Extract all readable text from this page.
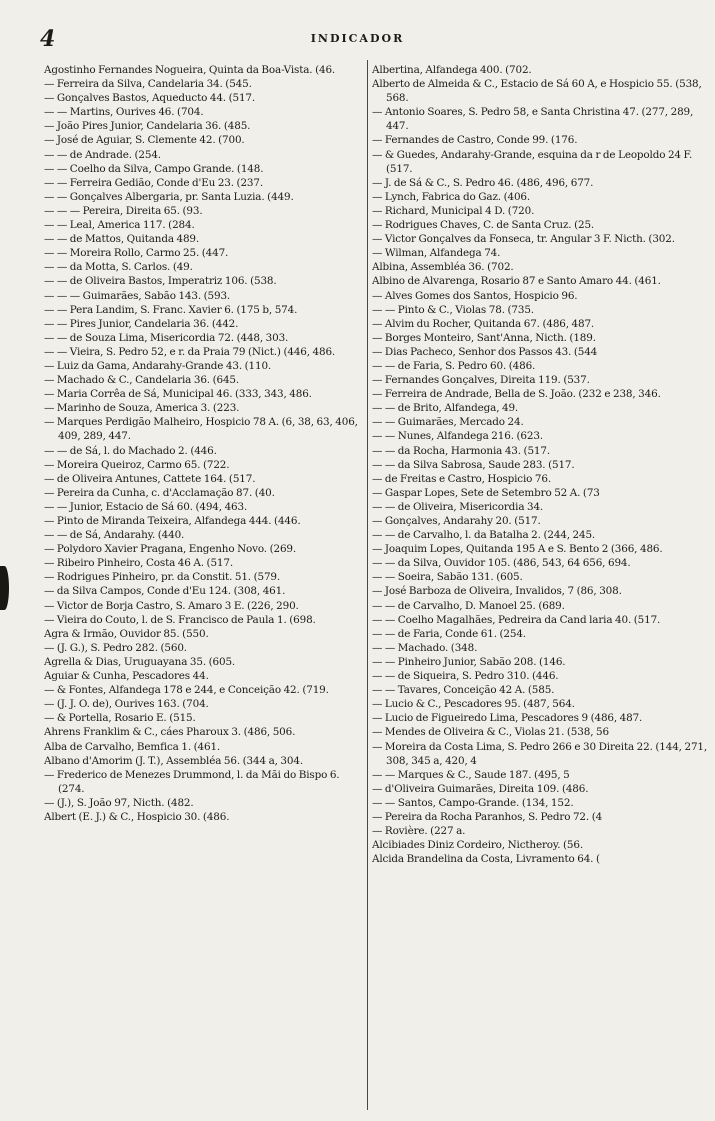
4	INDICADOR
Agostinho Fernandes Nogueira, Quinta da Boa-Vista. (46.
— Ferreira da Silva, Candelaria 34. (545.
— Gonçalves Bastos, Aqueducto 44. (517.
— — Martins, Ourives 46. (704.
— João Pires Junior, Candelaria 36. (485.
— José de Aguiar, S. Clemente 42. (700.
— — de Andrade. (254.
— — Coelho da Silva, Campo Grande. (148.
— — Ferreira Gedião, Conde d'Eu 23. (237.
— — Gonçalves Albergaria, pr. Santa Luzia. (449.
— — — Pereira, Direita 65. (93.
— — Leal, America 117. (284.
— — de Mattos, Quitanda 489.
— — Moreira Rollo, Carmo 25. (447.
— — da Motta, S. Carlos. (49.
— — de Oliveira Bastos, Imperatriz 106. (538.
— — — Guimarães, Sabão 143. (593.
— — Pera Landim, S. Franc. Xavier 6. (175 b, 574.
— — Pires Junior, Candelaria 36. (442.
— — de Souza Lima, Misericordia 72. (448, 303.
— — Vieira, S. Pedro 52, e r. da Praia 79 (Nict.) (446, 486.
— Luiz da Gama, Andarahy-Grande 43. (110.
— Machado & C., Candelaria 36. (645.
— Maria Corrêa de Sá, Municipal 46. (333, 343, 486.
— Marinho de Souza, America 3. (223.
— Marques Perdigão Malheiro, Hospicio 78 A. (6, 38, 63, 406, 409, 289, 447.
— — de Sá, l. do Machado 2. (446.
— Moreira Queiroz, Carmo 65. (722.
— de Oliveira Antunes, Cattete 164. (517.
— Pereira da Cunha, c. d'Acclamação 87. (40.
— — Junior, Estacio de Sá 60. (494, 463.
— Pinto de Miranda Teixeira, Alfandega 444. (446.
— — de Sá, Andarahy. (440.
— Polydoro Xavier Pragana, Engenho Novo. (269.
— Ribeiro Pinheiro, Costa 46 A. (517.
— Rodrigues Pinheiro, pr. da Constit. 51. (579.
— da Silva Campos, Conde d'Eu 124. (308, 461.
— Victor de Borja Castro, S. Amaro 3 E. (226, 290.
— Vieira do Couto, l. de S. Francisco de Paula 1. (698.
Agra & Irmão, Ouvidor 85. (550.
— (J. G.), S. Pedro 282. (560.
Agrella & Dias, Uruguayana 35. (605.
Aguiar & Cunha, Pescadores 44.
— & Fontes, Alfandega 178 e 244, e Conceição 42. (719.
— (J. J. O. de), Ourives 163. (704.
— & Portella, Rosario E. (515.
Ahrens Franklim & C., cáes Pharoux 3. (486, 506.
Alba de Carvalho, Bemfica 1. (461.
Albano d'Amorim (J. T.), Assembléa 56. (344 a, 304.
— Frederico de Menezes Drummond, l. da Mãi do Bispo 6. (274.
— (J.), S. João 97, Nicth. (482.
Albert (E. J.) & C., Hospicio 30. (486.
Albertina, Alfandega 400. (702.
Alberto de Almeida & C., Estacio de Sá 60 A, e Hospicio 55. (538, 568.
— Antonio Soares, S. Pedro 58, e Santa Christina 47. (277, 289, 447.
— Fernandes de Castro, Conde 99. (176.
— & Guedes, Andarahy-Grande, esquina da r de Leopoldo 24 F. (517.
— J. de Sá & C., S. Pedro 46. (486, 496, 677.
— Lynch, Fabrica do Gaz. (406.
— Richard, Municipal 4 D. (720.
— Rodrigues Chaves, C. de Santa Cruz. (25.
— Victor Gonçalves da Fonseca, tr. Angular 3 F. Nicth. (302.
— Wilman, Alfandega 74.
Albina, Assembléa 36. (702.
Albino de Alvarenga, Rosario 87 e Santo Amaro 44. (461.
— Alves Gomes dos Santos, Hospicio 96.
— — Pinto & C., Violas 78. (735.
— Alvim du Rocher, Quitanda 67. (486, 487.
— Borges Monteiro, Sant'Anna, Nicth. (189.
— Dias Pacheco, Senhor dos Passos 43. (544
— — de Faria, S. Pedro 60. (486.
— Fernandes Gonçalves, Direita 119. (537.
— Ferreira de Andrade, Bella de S. João. (232 e 238, 346.
— — de Brito, Alfandega, 49.
— — Guimarães, Mercado 24.
— — Nunes, Alfandega 216. (623.
— — da Rocha, Harmonia 43. (517.
— — da Silva Sabrosa, Saude 283. (517.
— de Freitas e Castro, Hospicio 76.
— Gaspar Lopes, Sete de Setembro 52 A. (73
— — de Oliveira, Misericordia 34.
— Gonçalves, Andarahy 20. (517.
— — de Carvalho, l. da Batalha 2. (244, 245.
— Joaquim Lopes, Quitanda 195 A e S. Bento 2 (366, 486.
— — da Silva, Ouvidor 105. (486, 543, 64 656, 694.
— — Soeira, Sabão 131. (605.
— José Barboza de Oliveira, Invalidos, 7 (86, 308.
— — de Carvalho, D. Manoel 25. (689.
— — Coelho Magalhães, Pedreira da Cand laria 40. (517.
— — de Faria, Conde 61. (254.
— — Machado. (348.
— — Pinheiro Junior, Sabão 208. (146.
— — de Siqueira, S. Pedro 310. (446.
— — Tavares, Conceição 42 A. (585.
— Lucio & C., Pescadores 95. (487, 564.
— Lucio de Figueiredo Lima, Pescadores 9 (486, 487.
— Mendes de Oliveira & C., Violas 21. (538, 56
— Moreira da Costa Lima, S. Pedro 266 e 30 Direita 22. (144, 271, 308, 345 a, 420, 4
— — Marques & C., Saude 187. (495, 5
— d'Oliveira Guimarães, Direita 109. (486.
— — Santos, Campo-Grande. (134, 152.
— Pereira da Rocha Paranhos, S. Pedro 72. (4
— Rovière. (227 a.
Alcibiades Diniz Cordeiro, Nictheroy. (56.
Alcida Brandelina da Costa, Livramento 64. (
